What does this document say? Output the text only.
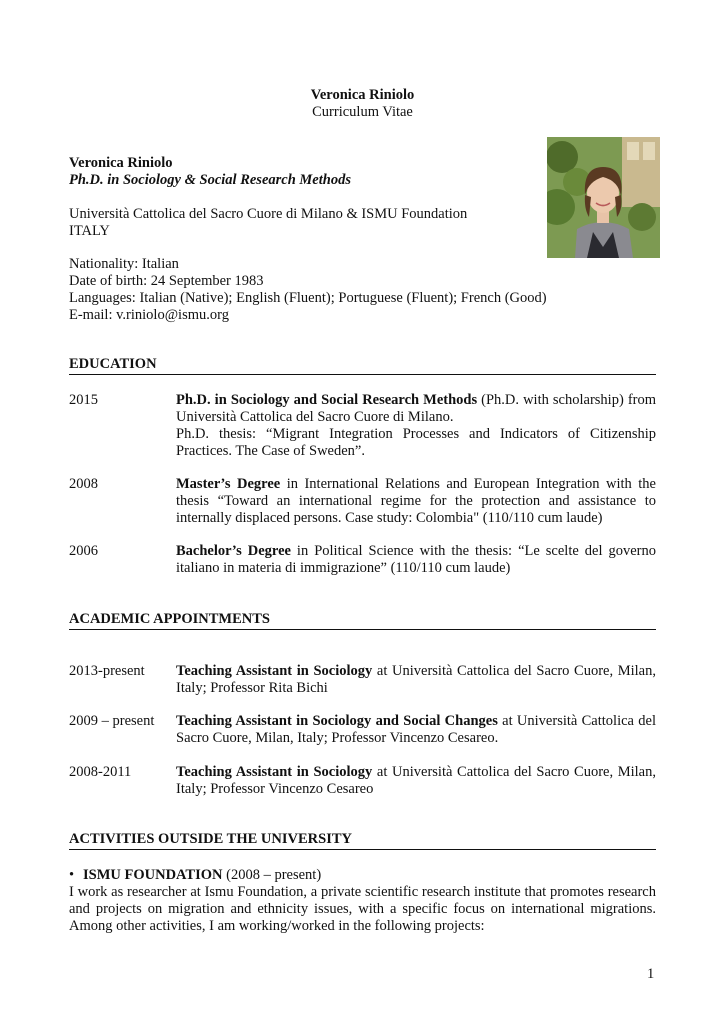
Veronica Riniolo
Curriculum Vitae
Veronica Riniolo
Ph.D. in Sociology & Social Research Methods
Università Cattolica del Sacro Cuore di Milano & ISMU Foundation
ITALY
Nationality: Italian
Date of birth: 24 September 1983
Languages: Italian (Native); English (Fluent); Portuguese (Fluent); French (Good)
E-mail: v.riniolo@ismu.org
EDUCATION
2015	Ph.D. in Sociology and Social Research Methods (Ph.D. with scholarship) from Università Cattolica del Sacro Cuore di Milano.

Ph.D. thesis: “Migrant Integration Processes and Indicators of Citizenship Practices. The Case of Sweden”.

2008	Master’s Degree in International Relations and European Integration with the thesis “Toward an international regime for the protection and assistance to internally displaced persons. Case study: Colombia" (110/110 cum laude)

2006	Bachelor’s Degree in Political Science with the thesis: “Le scelte del governo italiano in materia di immigrazione” (110/110 cum laude)

ACADEMIC APPOINTMENTS
2013-present	Teaching Assistant in Sociology at Università Cattolica del Sacro Cuore, Milan, Italy; Professor Rita Bichi

2009 – present	Teaching Assistant in Sociology and Social Changes at Università Cattolica del Sacro Cuore, Milan, Italy; Professor Vincenzo Cesareo.

2008-2011	Teaching Assistant in Sociology at Università Cattolica del Sacro Cuore, Milan, Italy; Professor Vincenzo Cesareo

ACTIVITIES OUTSIDE THE UNIVERSITY
• ISMU FOUNDATION (2008 – present)
I work as researcher at Ismu Foundation, a private scientific research institute that promotes research and projects on migration and ethnicity issues, with a specific focus on international migrations. Among other activities, I am working/worked in the following projects:
1
